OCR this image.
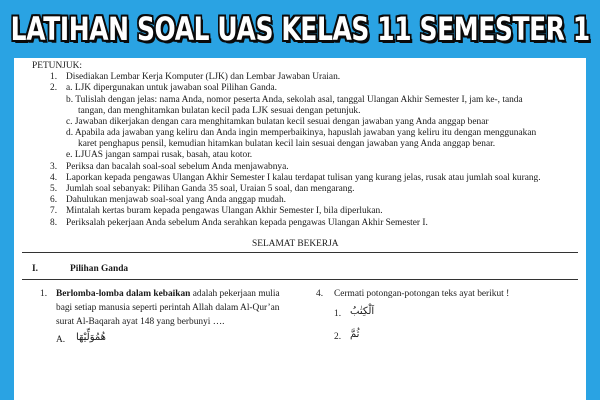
LATIHAN SOAL UAS KELAS 11 SEMESTER 1
PETUNJUK:
1. Disediakan Lembar Kerja Komputer (LJK) dan Lembar Jawaban Uraian.
2. a. LJK dipergunakan untuk jawaban soal Pilihan Ganda.
b. Tulislah dengan jelas: nama Anda, nomor peserta Anda, sekolah asal, tanggal Ulangan Akhir Semester I, jam ke-, tanda
tangan, dan menghitamkan bulatan kecil pada LJK sesuai dengan petunjuk.
c. Jawaban dikerjakan dengan cara menghitamkan bulatan kecil sesuai dengan jawaban yang Anda anggap benar
d. Apabila ada jawaban yang keliru dan Anda ingin memperbaikinya, hapuslah jawaban yang keliru itu dengan menggunakan
karet penghapus pensil, kemudian hitamkan bulatan kecil lain sesuai dengan jawaban yang Anda anggap benar.
e. LJUAS jangan sampai rusak, basah, atau kotor.
3. Periksa dan bacalah soal-soal sebelum Anda menjawabnya.
4. Laporkan kepada pengawas Ulangan Akhir Semester I kalau terdapat tulisan yang kurang jelas, rusak atau jumlah soal kurang.
5. Jumlah soal sebanyak: Pilihan Ganda 35 soal, Uraian 5 soal, dan mengarang.
6. Dahulukan menjawab soal-soal yang Anda anggap mudah.
7. Mintalah kertas buram kepada pengawas Ulangan Akhir Semester I, bila diperlukan.
8. Periksalah pekerjaan Anda sebelum Anda serahkan kepada pengawas Ulangan Akhir Semester I.
SELAMAT BEKERJA
I.	Pilihan Ganda
1. Berlomba-lomba dalam kebaikan adalah pekerjaan mulia
bagi setiap manusia seperti perintah Allah dalam Al-Qur’an
surat Al-Baqarah ayat 148 yang berbunyi ….
A. هُمُوَلِّيْهَا
4. Cermati potongan-potongan teks ayat berikut !
1. اَلْكِتٰبُ
2. ثُمَّ
